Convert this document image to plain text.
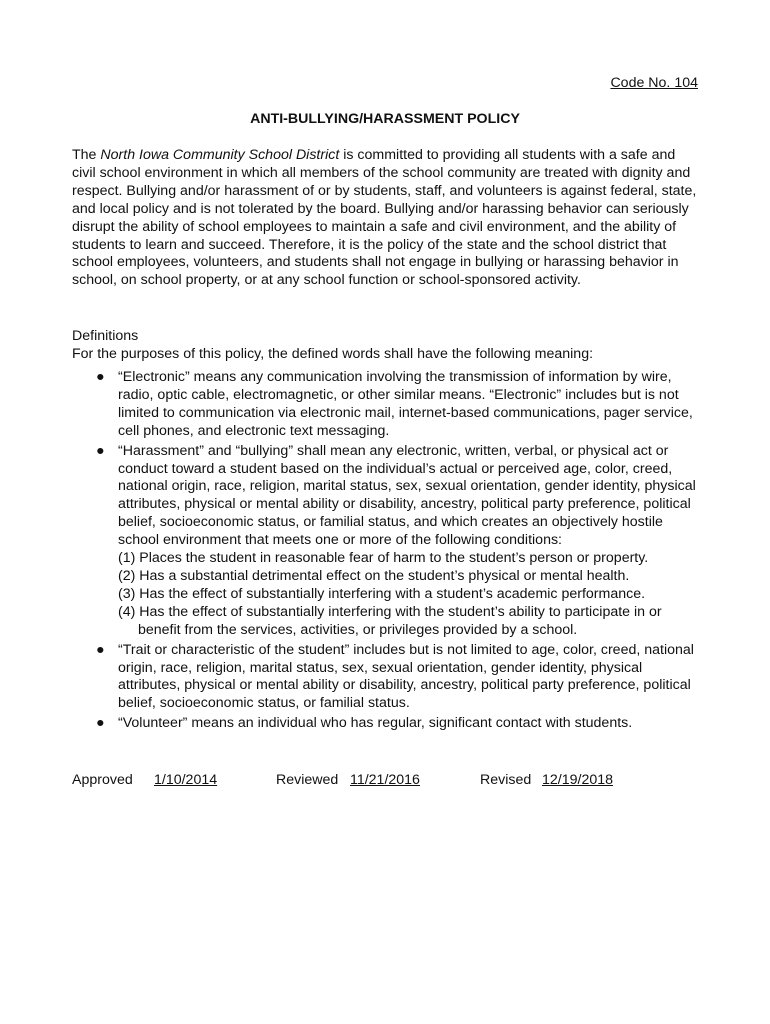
Code No. 104
ANTI-BULLYING/HARASSMENT POLICY

The North Iowa Community School District is committed to providing all students with a safe and civil school environment in which all members of the school community are treated with dignity and respect. Bullying and/or harassment of or by students, staff, and volunteers is against federal, state, and local policy and is not tolerated by the board. Bullying and/or harassing behavior can seriously disrupt the ability of school employees to maintain a safe and civil environment, and the ability of students to learn and succeed. Therefore, it is the policy of the state and the school district that school employees, volunteers, and students shall not engage in bullying or harassing behavior in school, on school property, or at any school function or school-sponsored activity.

Definitions
For the purposes of this policy, the defined words shall have the following meaning:
● “Electronic” means any communication involving the transmission of information by wire, radio, optic cable, electromagnetic, or other similar means. “Electronic” includes but is not limited to communication via electronic mail, internet-based communications, pager service, cell phones, and electronic text messaging.
● “Harassment” and “bullying” shall mean any electronic, written, verbal, or physical act or conduct toward a student based on the individual’s actual or perceived age, color, creed, national origin, race, religion, marital status, sex, sexual orientation, gender identity, physical attributes, physical or mental ability or disability, ancestry, political party preference, political belief, socioeconomic status, or familial status, and which creates an objectively hostile school environment that meets one or more of the following conditions:
(1) Places the student in reasonable fear of harm to the student’s person or property.
(2) Has a substantial detrimental effect on the student’s physical or mental health.
(3) Has the effect of substantially interfering with a student’s academic performance.
(4) Has the effect of substantially interfering with the student’s ability to participate in or benefit from the services, activities, or privileges provided by a school.
● “Trait or characteristic of the student” includes but is not limited to age, color, creed, national origin, race, religion, marital status, sex, sexual orientation, gender identity, physical attributes, physical or mental ability or disability, ancestry, political party preference, political belief, socioeconomic status, or familial status.
● “Volunteer” means an individual who has regular, significant contact with students.
Approved 1/10/2014	Reviewed 11/21/2016	Revised 12/19/2018
